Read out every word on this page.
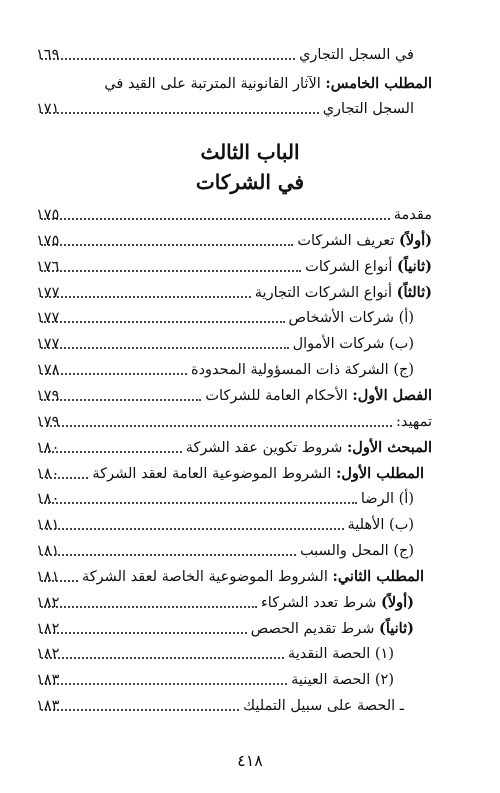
في السجل التجاري
١٦٩
المطلب الخامس: الآثار القانونية المترتبة على القيد في
السجل التجاري
١٧١
الباب الثالث
في الشركات
مقدمة
١٧٥
(أولاً) تعريف الشركات
١٧٥
(ثانياً) أنواع الشركات
١٧٦
(ثالثاً) أنواع الشركات التجارية
١٧٧
(أ) شركات الأشخاص
١٧٧
(ب) شركات الأموال
١٧٧
(ج) الشركة ذات المسؤولية المحدودة
١٧٨
الفصل الأول: الأحكام العامة للشركات
١٧٩
تمهيد:
١٧٩
المبحث الأول: شروط تكوين عقد الشركة
١٨٠
المطلب الأول: الشروط الموضوعية العامة لعقد الشركة
١٨٠
(أ) الرضا
١٨٠
(ب) الأهلية
١٨١
(ج) المحل والسبب
١٨١
المطلب الثاني: الشروط الموضوعية الخاصة لعقد الشركة
١٨١
(أولاً) شرط تعدد الشركاء
١٨٢
(ثانياً) شرط تقديم الحصص
١٨٢
(١) الحصة النقدية
١٨٢
(٢) الحصة العينية
١٨٣
ـ الحصة على سبيل التمليك
١٨٣
٤١٨
